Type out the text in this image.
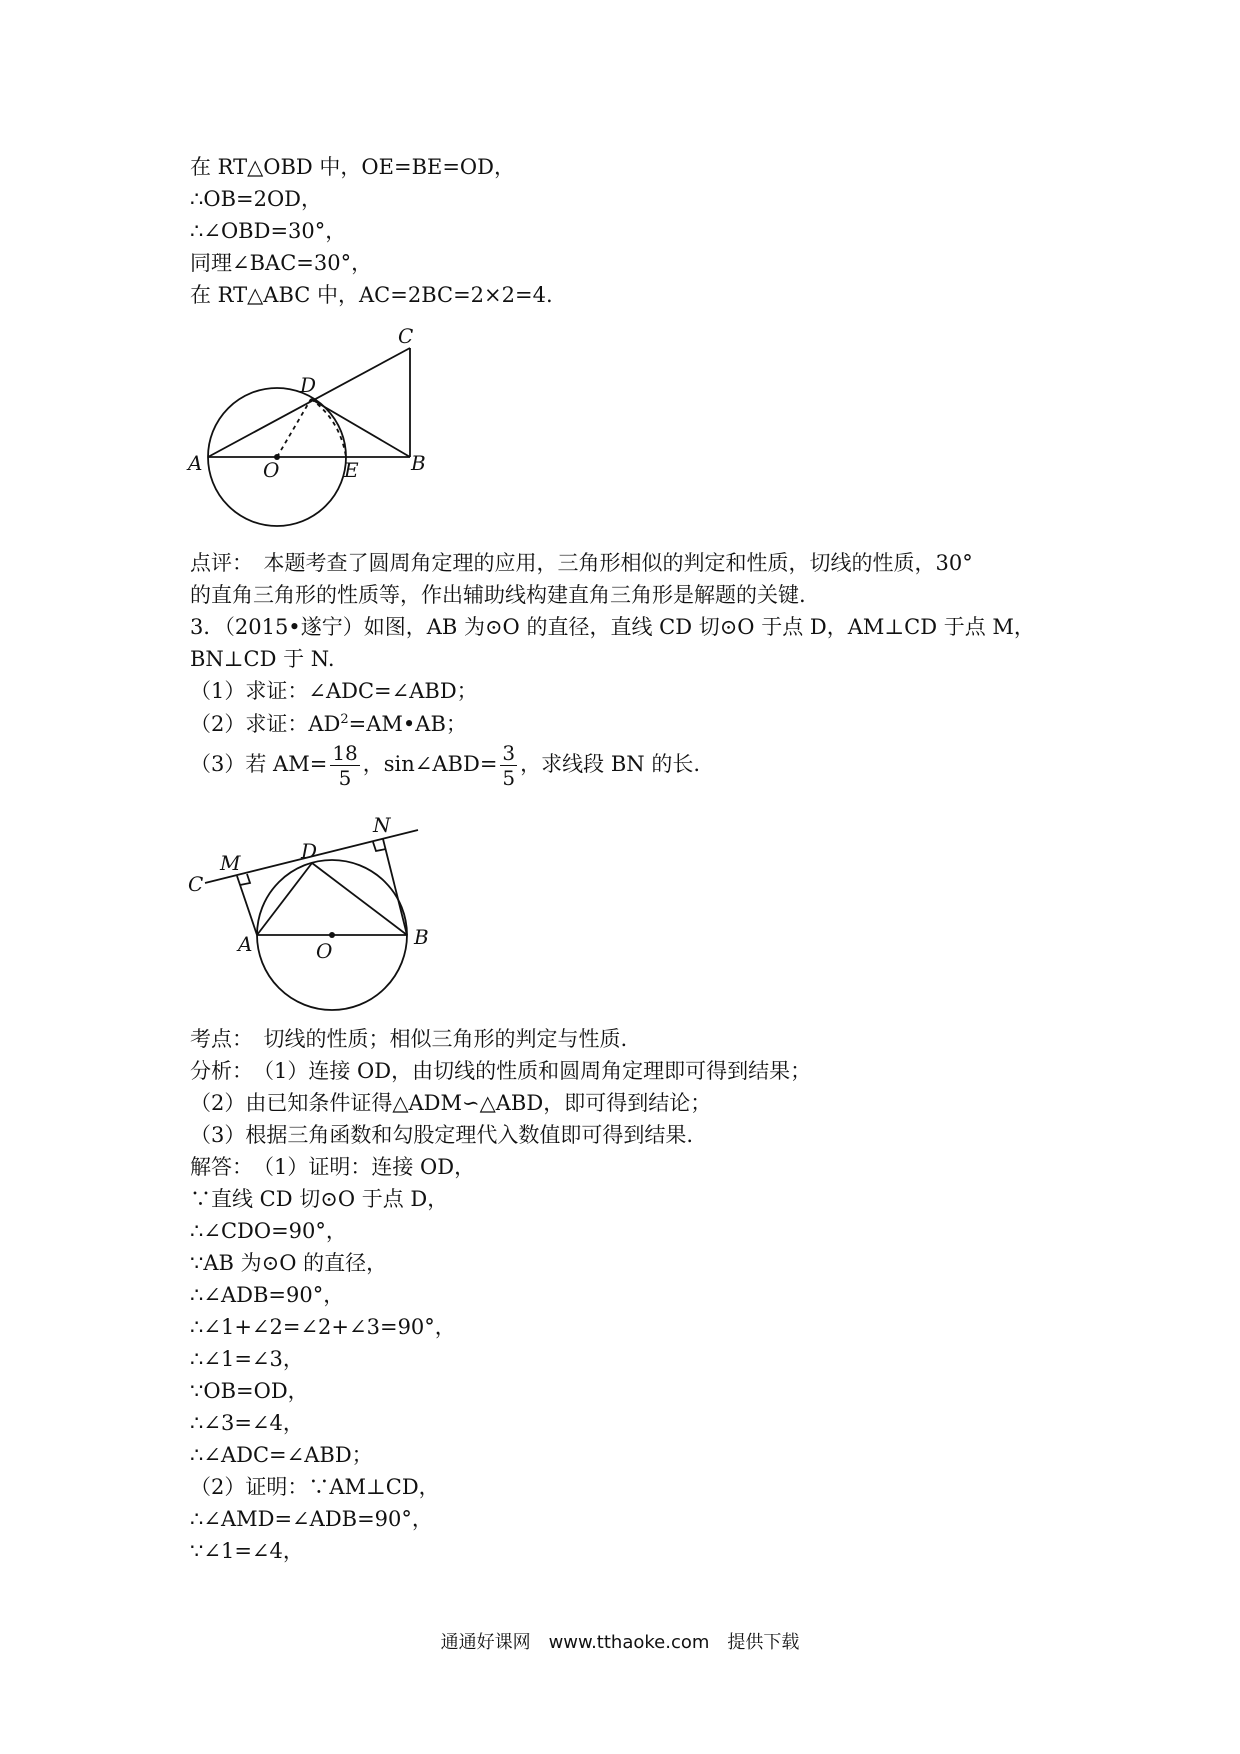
在 RT△OBD 中，OE=BE=OD，
∴OB=2OD，
∴∠OBD=30°，
同理∠BAC=30°，
在 RT△ABC 中，AC=2BC=2×2=4.
C
D
A	O	E	B
C
M	D
N
A	O
B
点评：　本题考查了圆周角定理的应用，三角形相似的判定和性质，切线的性质，30°
的直角三角形的性质等，作出辅助线构建直角三角形是解题的关键.
3．（2015•遂宁）如图，AB 为⊙O 的直径，直线 CD 切⊙O 于点 D，AM⊥CD 于点 M，
BN⊥CD 于 N.
（1）求证：∠ADC=∠ABD；
（2）求证：$AD^2=AM•AB$；
（3）若 $AM= \frac{18}{5}$ ，sin∠ABD= $\frac{3}{5}$ ，求线段 BN 的长.
考点：　切线的性质；相似三角形的判定与性质.
分析：　（1）连接 OD，由切线的性质和圆周角定理即可得到结果；
（2）由已知条件证得△ADM∽△ABD，即可得到结论；
（3）根据三角函数和勾股定理代入数值即可得到结果.
解答：　（1）证明：连接 OD，
∵直线 CD 切⊙O 于点 D，
∴∠CDO=90°，
∵AB 为⊙O 的直径，
∴∠ADB=90°，
∴∠1+∠2=∠2+∠3=90°，
∴∠1=∠3，
∵OB=OD，
∴∠3=∠4，
∴∠ADC=∠ABD；
（2）证明：∵AM⊥CD，
∴∠AMD=∠ADB=90°，
∵∠1=∠4，
通通好课网　www.tthaoke.com　提供下载
